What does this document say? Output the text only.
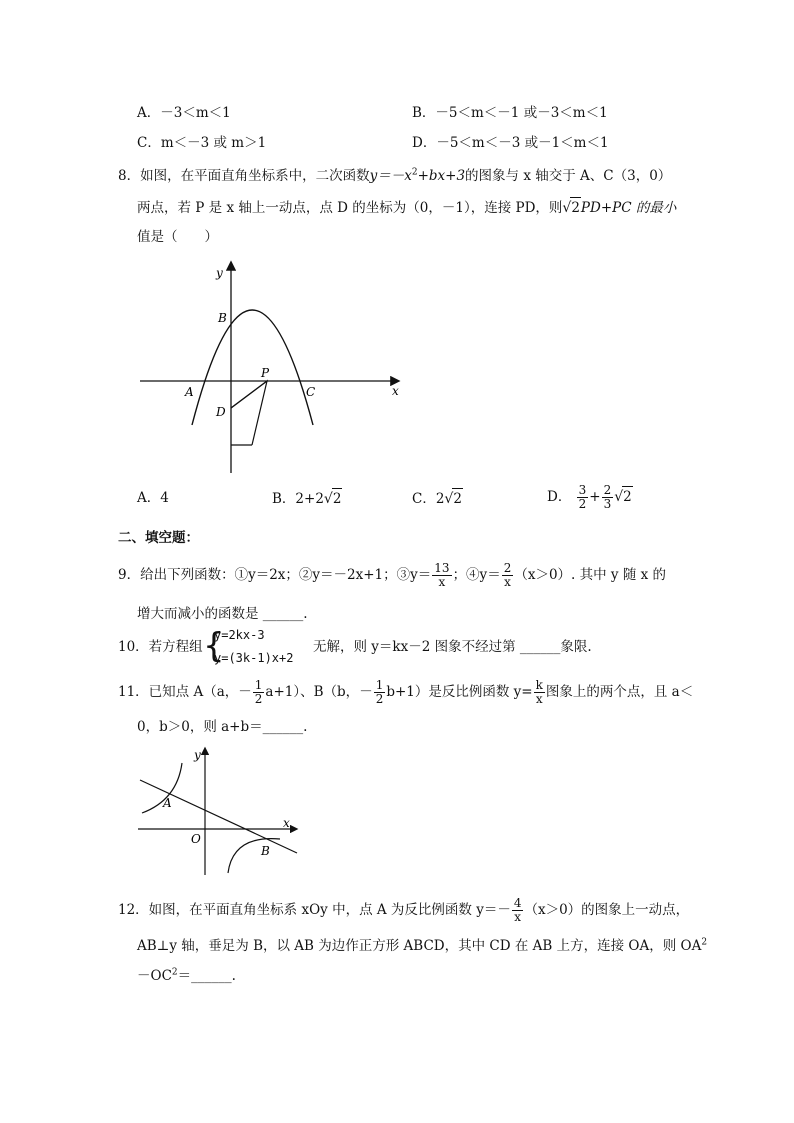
A．－3＜m＜1	B．－5＜m＜－1 或－3＜m＜1
C．m＜－3 或 m＞1	D．－5＜m＜－3 或－1＜m＜1
8．如图，在平面直角坐标系中，二次函数$y=-x^2+bx+3$的图象与 x 轴交于 A、C（3，0）
两点，若 P 是 x 轴上一动点，点 D 的坐标为（0，－1），连接 PD，则√2PD+PC 的最小
值是（　　）
y
B
P
A	C	x
D
A．4	B．2+2√2	C．2√2	D． $\frac{3}{2} + \frac{2}{3} √2$
二、填空题：
9．给出下列函数：①y＝2x；②y＝－2x+1；③y＝ $\frac{13}{x}$ ；④y＝ $\frac{2}{x} (x>0)$. 其中 y 随 x 的
增大而减小的函数是 ______.
10．若方程组 {
y=2kx-3
y=(3k-1)x+2
无解，则 y＝kx－2 图象不经过第 ______象限.
11．已知点 A（a，－ $\frac{1}{2} a+1$）、B（b，－ $\frac{1}{2} b+1$）是反比例函数 $y= \frac{k}{x}$ 图象上的两个点，且 a＜
0，b＞0，则 a+b＝______.
y
A
O
x
B
12．如图，在平面直角坐标系 xOy 中，点 A 为反比例函数 $y=- \frac{4}{x} (x>0)$的图象上一动点，
AB⊥y 轴，垂足为 B，以 AB 为边作正方形 ABCD，其中 CD 在 AB 上方，连接 OA，则 $OA^2$
$-OC^2=\_\_\_\_\_\_$.
